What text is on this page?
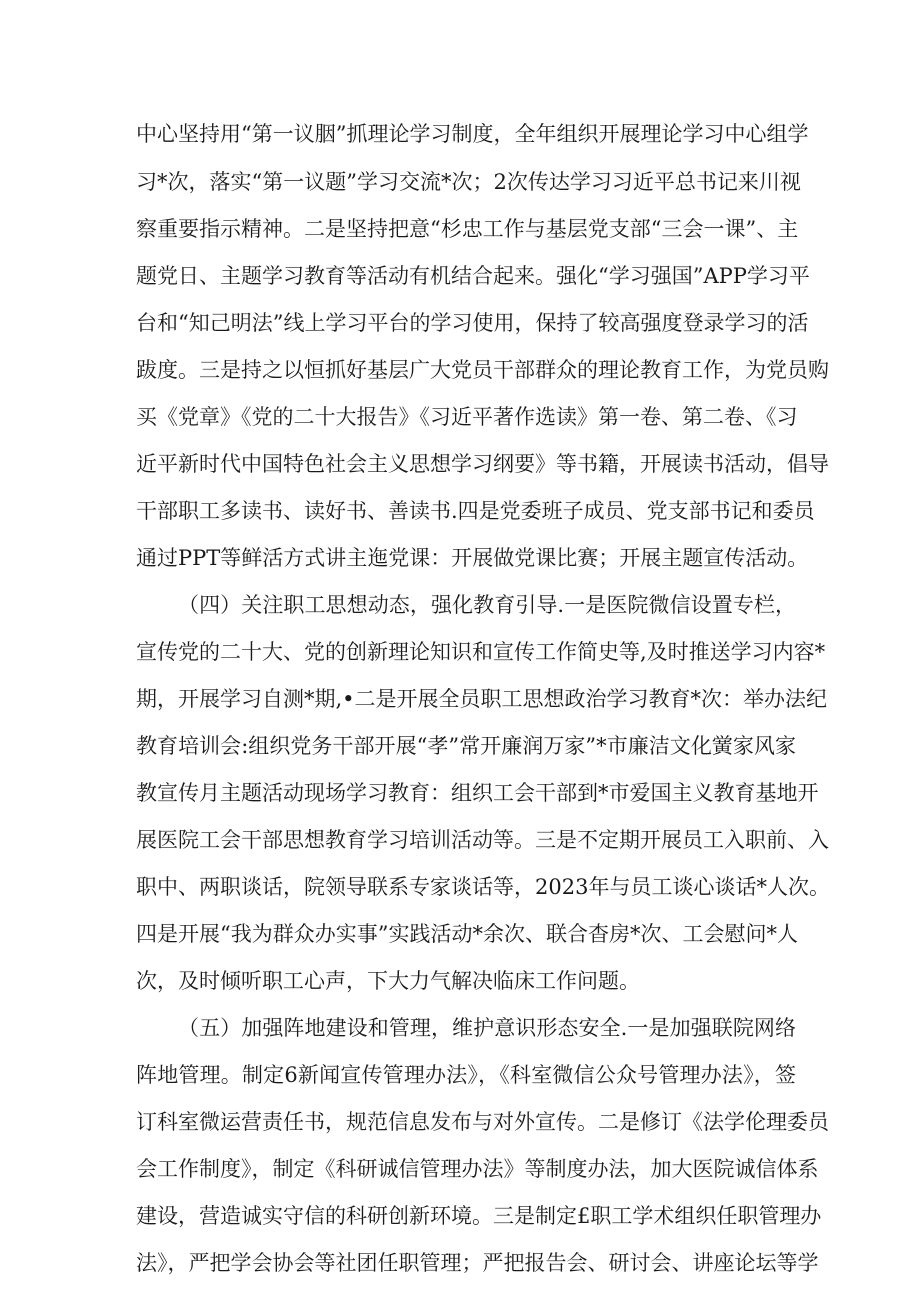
中心坚持用“第一议胭”抓理论学习制度，全年组织开展理论学习中心组学
习*次，落实“第一议题”学习交流*次；2次传达学习习近平总书记来川视
察重要指示精神。二是坚持把意“杉忠工作与基层党支部“三会一课”、主
题党日、主题学习教育等活动有机结合起来。强化“学习强国”APP学习平
台和“知己明法”线上学习平台的学习使用，保持了较高强度登录学习的活
跋度。三是持之以恒抓好基层广大党员干部群众的理论教育工作，为党员购
买《党章》《党的二十大报告》《习近平著作选读》第一卷、第二卷、《习
近平新时代中国特色社会主义思想学习纲要》等书籍，开展读书活动，倡导
干部职工多读书、读好书、善读书.四是党委班子成员、党支部书记和委员
通过PPT等鲜活方式讲主迤党课：开展做党课比赛；开展主题宣传活动。
（四）关注职工思想动态，强化教育引导.一是医院微信设置专栏，
宣传党的二十大、党的创新理论知识和宣传工作简史等,及时推送学习内容*
期，开展学习自测*期,•二是开展全员职工思想政治学习教育*次：举办法纪
教育培训会:组织党务干部开展“孝”常开廉润万家”*市廉洁文化黉家风家
教宣传月主题活动现场学习教育：组织工会干部到*市爱国主义教育基地开
展医院工会干部思想教育学习培训活动等。三是不定期开展员工入职前、入
职中、两职谈话，院领导联系专家谈话等，2023年与员工谈心谈话*人次。
四是开展“我为群众办实事”实践活动*余次、联合杳房*次、工会慰问*人
次，及时倾听职工心声，下大力气解决临床工作问题。
（五）加强阵地建设和管理，维护意识形态安全.一是加强联院网络
阵地管理。制定6新闻宣传管理办法》，《科室微信公众号管理办法》，签
订科室微运营责任书，规范信息发布与对外宣传。二是修订《法学伦理委员
会工作制度》，制定《科研诚信管理办法》等制度办法，加大医院诚信体系
建设，营造诚实守信的科研创新环境。三是制定£职工学术组织任职管理办
法》，严把学会协会等社团任职管理；严把报告会、研讨会、讲座论坛等学
